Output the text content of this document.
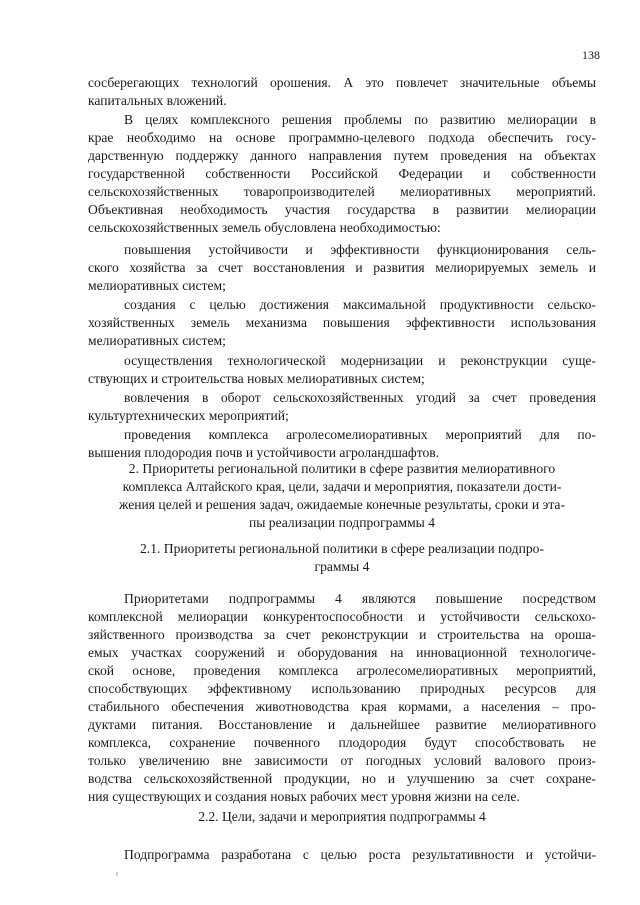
138
сосберегающих технологий орошения. А это повлечет значительные объемы
капитальных вложений.
В целях комплексного решения проблемы по развитию мелиорации в
крае необходимо на основе программно-целевого подхода обеспечить госу-
дарственную поддержку данного направления путем проведения на объектах
государственной собственности Российской Федерации и собственности
сельскохозяйственных товаропроизводителей мелиоративных мероприятий.
Объективная необходимость участия государства в развитии мелиорации
сельскохозяйственных земель обусловлена необходимостью:
повышения устойчивости и эффективности функционирования сель-
ского хозяйства за счет восстановления и развития мелиорируемых земель и
мелиоративных систем;
создания с целью достижения максимальной продуктивности сельско-
хозяйственных земель механизма повышения эффективности использования
мелиоративных систем;
осуществления технологической модернизации и реконструкции суще-
ствующих и строительства новых мелиоративных систем;
вовлечения в оборот сельскохозяйственных угодий за счет проведения
культуртехнических мероприятий;
проведения комплекса агролесомелиоративных мероприятий для по-
вышения плодородия почв и устойчивости агроландшафтов.
2. Приоритеты региональной политики в сфере развития мелиоративного
комплекса Алтайского края, цели, задачи и мероприятия, показатели дости-
жения целей и решения задач, ожидаемые конечные результаты, сроки и эта-
пы реализации подпрограммы 4
2.1. Приоритеты региональной политики в сфере реализации подпро-
граммы 4
Приоритетами подпрограммы 4 являются повышение посредством
комплексной мелиорации конкурентоспособности и устойчивости сельскохо-
зяйственного производства за счет реконструкции и строительства на ороша-
емых участках сооружений и оборудования на инновационной технологиче-
ской основе, проведения комплекса агролесомелиоративных мероприятий,
способствующих эффективному использованию природных ресурсов для
стабильного обеспечения животноводства края кормами, а населения – про-
дуктами питания. Восстановление и дальнейшее развитие мелиоративного
комплекса, сохранение почвенного плодородия будут способствовать не
только увеличению вне зависимости от погодных условий валового произ-
водства сельскохозяйственной продукции, но и улучшению за счет сохране-
ния существующих и создания новых рабочих мест уровня жизни на селе.
2.2. Цели, задачи и мероприятия подпрограммы 4
Подпрограмма разработана с целью роста результативности и устойчи-
